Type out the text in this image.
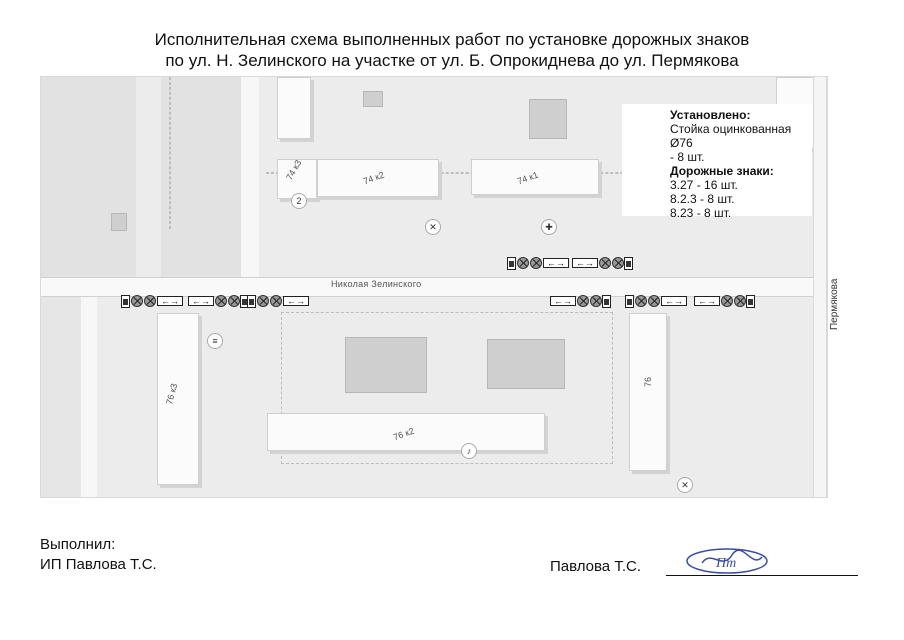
Исполнительная схема выполненных работ по установке дорожных знаков
по ул. Н. Зелинского на участке от ул. Б. Опрокиднева до ул. Пермякова
74 к3	74 к2	74 к1
Николая Зелинского
76 к3
76 к2
76
2
✕	✚
≡
♪
✕
←→	←→
←→	←→	←→	←→	←→	←→	Пермякова
Установлено:
Стойка оцинкованная Ø76
- 8 шт.
Дорожные знаки:
3.27 - 16 шт.
8.2.3 - 8 шт.
8.23 - 8 шт.
Выполнил:
ИП Павлова Т.С.	Павлова Т.С.	Пт
